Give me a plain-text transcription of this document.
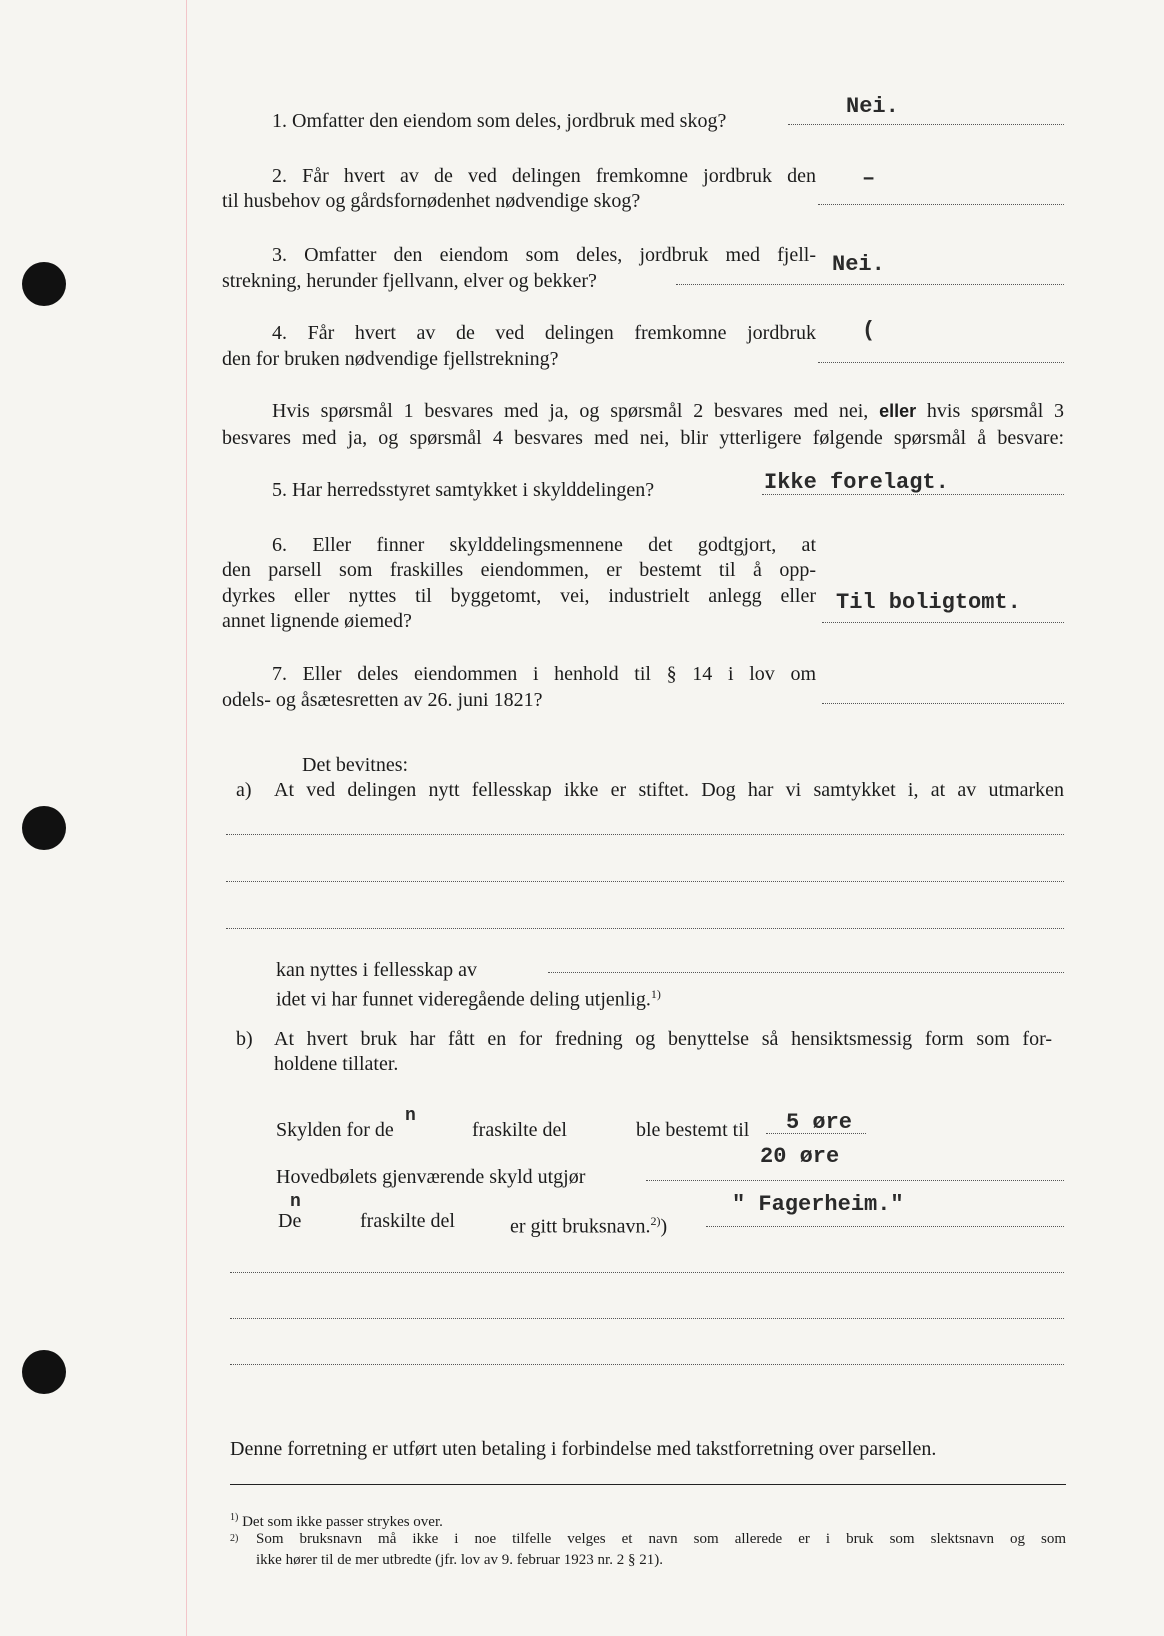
1. Omfatter den eiendom som deles, jordbruk med skog?
Nei.
2. Får hvert av de ved delingen fremkomne jordbruk den
til husbehov og gårdsfornødenhet nødvendige skog?
–
3. Omfatter den eiendom som deles, jordbruk med fjell-
strekning, herunder fjellvann, elver og bekker?
Nei.
4. Får hvert av de ved delingen fremkomne jordbruk
den for bruken nødvendige fjellstrekning?
(
Hvis spørsmål 1 besvares med ja, og spørsmål 2 besvares med nei, eller hvis spørsmål 3
besvares med ja, og spørsmål 4 besvares med nei, blir ytterligere følgende spørsmål å besvare:
5. Har herredsstyret samtykket i skylddelingen?	Ikke forelagt.
6. Eller finner skylddelingsmennene det godtgjort, at
den parsell som fraskilles eiendommen, er bestemt til å opp-
dyrkes eller nyttes til byggetomt, vei, industrielt anlegg eller
annet lignende øiemed?
Til boligtomt.
7. Eller deles eiendommen i henhold til § 14 i lov om
odels- og åsætesretten av 26. juni 1821?
Det bevitnes:
a) At ved delingen nytt fellesskap ikke er stiftet. Dog har vi samtykket i, at av utmarken
kan nyttes i fellesskap av
idet vi har funnet videregående deling utjenlig.$^{1)}$
b) At hvert bruk har fått en for fredning og benyttelse så hensiktsmessig form som for-
holdene tillater.
Skylden for de
n
fraskilte del	ble bestemt til 5 øre
Hovedbølets gjenværende skyld utgjør
20 øre
n
De	fraskilte del	er gitt bruksnavn.$^{2)}$)
" Fagerheim."
Denne forretning er utført uten betaling i forbindelse med takstforretning over parsellen.
$^{1)}$ Det som ikke passer strykes over.
$^{2)}$ Som bruksnavn må ikke i noe tilfelle velges et navn som allerede er i bruk som slektsnavn og som
ikke hører til de mer utbredte (jfr. lov av 9. februar 1923 nr. 2 § 21).
